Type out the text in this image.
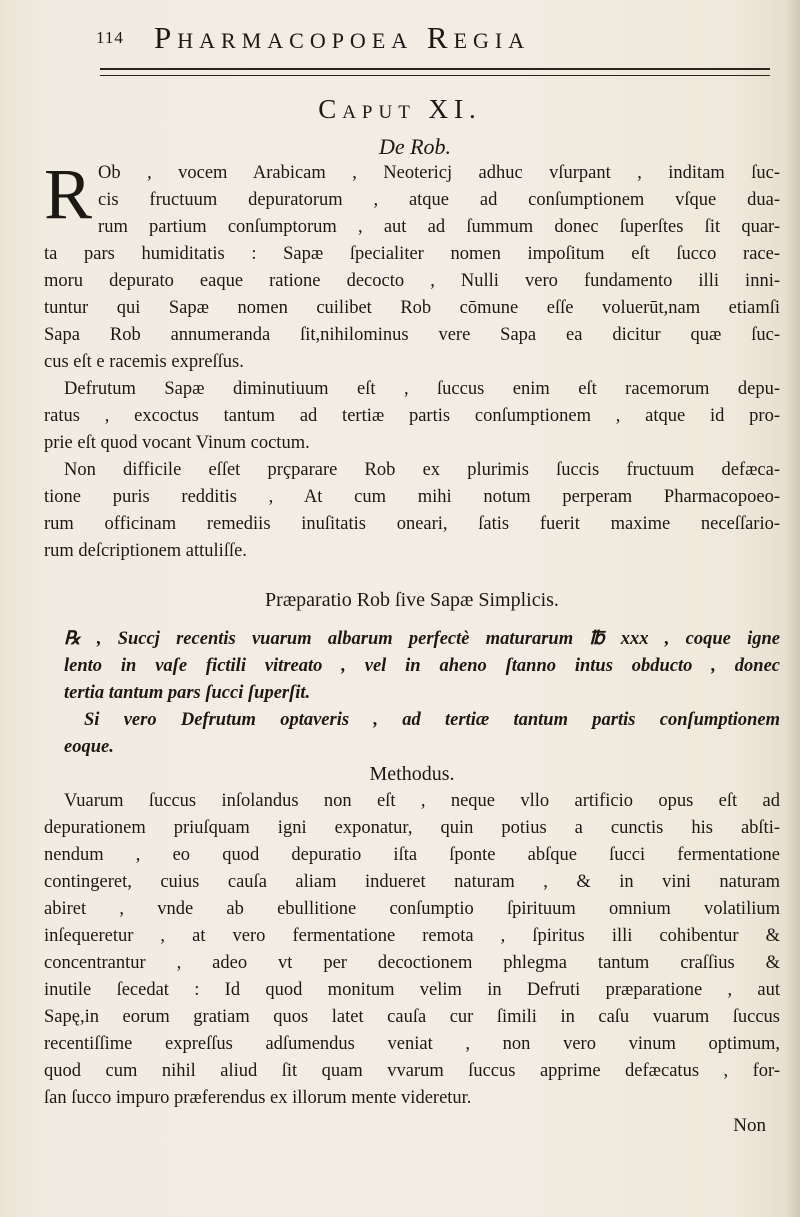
114 Pharmacopoea Regia
Caput XI.
De Rob.

R Ob , vocem Arabicam , Neotericj adhuc vſurpant , inditam ſuc-
cis fructuum depuratorum , atque ad conſumptionem vſque dua-
rum partium conſumptorum , aut ad ſummum donec ſuperſtes ſit quar-
ta pars humiditatis : Sapæ ſpecialiter nomen impoſitum eſt ſucco race-
moru depurato eaque ratione decocto , Nulli vero fundamento illi inni-
tuntur qui Sapæ nomen cuilibet Rob cōmune eſſe voluerūt,nam etiamſi
Sapa Rob annumeranda ſit,nihilominus vere Sapa ea dicitur quæ ſuc-
cus eſt e racemis expreſſus.

Defrutum Sapæ diminutiuum eſt , ſuccus enim eſt racemorum depu-
ratus , excoctus tantum ad tertiæ partis conſumptionem , atque id pro-
prie eſt quod vocant Vinum coctum.

Non difficile eſſet prçparare Rob ex plurimis ſuccis fructuum defæca-
tione puris redditis , At cum mihi notum perperam Pharmacopoeo-
rum officinam remediis inuſitatis oneari, ſatis fuerit maxime neceſſario-
rum deſcriptionem attuliſſe.

Præparatio Rob ſive Sapæ Simplicis.

℞ , Succj recentis vuarum albarum perfectè maturarum ℔ xxx , coque igne
lento in vaſe fictili vitreato , vel in aheno ſtanno intus obducto , donec
tertia tantum pars ſucci ſuperſit.

Si vero Defrutum optaveris , ad tertiæ tantum partis conſumptionem
eoque.

Methodus.

Vuarum ſuccus inſolandus non eſt , neque vllo artificio opus eſt ad
depurationem priuſquam igni exponatur, quin potius a cunctis his abſti-
nendum , eo quod depuratio iſta ſponte abſque ſucci fermentatione
contingeret, cuius cauſa aliam indueret naturam , & in vini naturam
abiret , vnde ab ebullitione conſumptio ſpirituum omnium volatilium
inſequeretur , at vero fermentatione remota , ſpiritus illi cohibentur &
concentrantur , adeo vt per decoctionem phlegma tantum craſſius &
inutile ſecedat : Id quod monitum velim in Defruti præparatione , aut
Sapę,in eorum gratiam quos latet cauſa cur ſimili in caſu vuarum ſuccus
recentiſſime expreſſus adſumendus veniat , non vero vinum optimum,
quod cum nihil aliud ſit quam vvarum ſuccus apprime defæcatus , for-
ſan ſucco impuro præferendus ex illorum mente videretur.

Non
